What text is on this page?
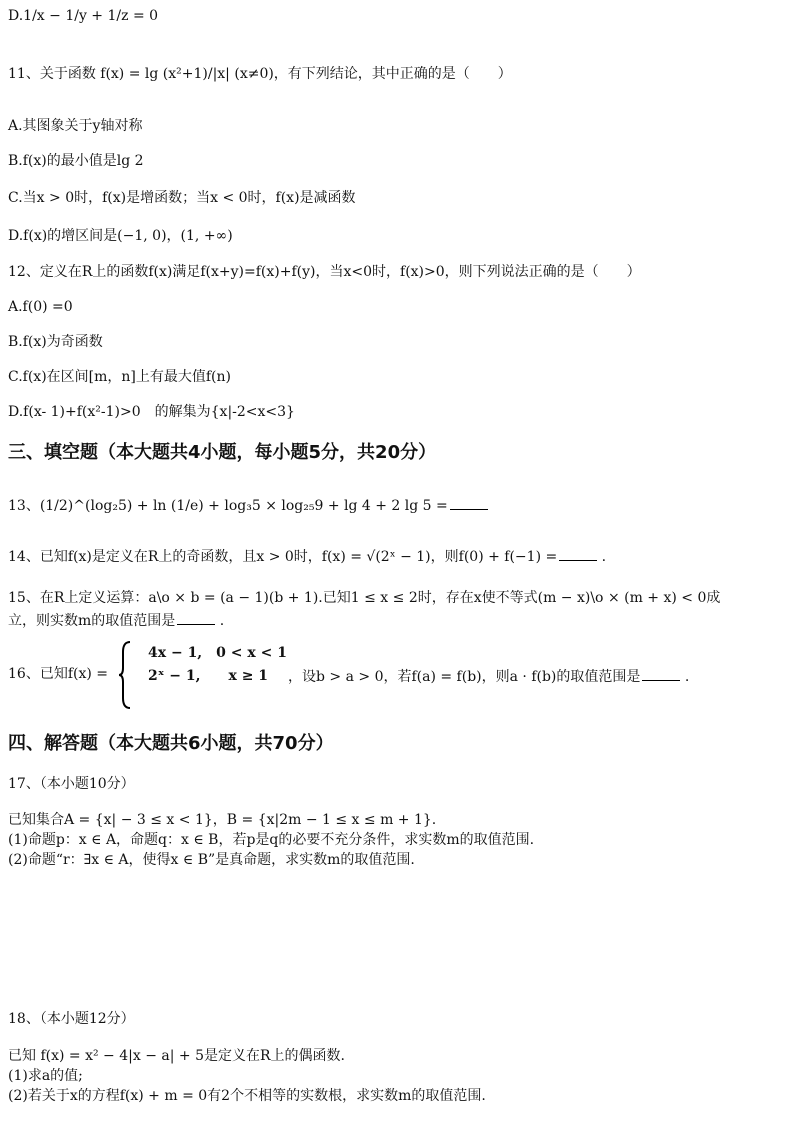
D.1/x − 1/y + 1/z = 0
11、关于函数 f(x) = lg (x²+1)/|x| (x≠0)，有下列结论，其中正确的是（　　）
A.其图象关于y轴对称
B.f(x)的最小值是lg 2
C.当x > 0时，f(x)是增函数；当x < 0时，f(x)是减函数
D.f(x)的增区间是(−1, 0)，(1, +∞)
12、定义在R上的函数f(x)满足f(x+y)=f(x)+f(y)，当x<0时，f(x)>0，则下列说法正确的是（　　）
A.f(0) =0
B.f(x)为奇函数
C.f(x)在区间[m，n]上有最大值f(n)
D.f(x- 1)+f(x²-1)>0　的解集为{x|-2<x<3}
三、填空题（本大题共4小题，每小题5分，共20分）
13、(1/2)^(log₂5) + ln (1/e) + log₃5 × log₂₅9 + lg 4 + 2 lg 5 =
14、已知f(x)是定义在R上的奇函数，且x > 0时，f(x) = √(2ˣ − 1)，则f(0) + f(−1) =	.
15、在R上定义运算：a\o × b = (a − 1)(b + 1).已知1 ≤ x ≤ 2时，存在x使不等式(m − x)\o × (m + x) < 0成
立，则实数m的取值范围是	.
16、已知f(x) =
4x − 1,　0 < x < 1
2ˣ − 1,　　x ≥ 1 ，设b > a > 0，若f(a) = f(b)，则a · f(b)的取值范围是	.
四、解答题（本大题共6小题，共70分）
17、（本小题10分）
已知集合A = {x| − 3 ≤ x < 1}，B = {x|2m − 1 ≤ x ≤ m + 1}.
(1)命题p：x ∈ A，命题q：x ∈ B，若p是q的必要不充分条件，求实数m的取值范围.
(2)命题“r：∃x ∈ A，使得x ∈ B”是真命题，求实数m的取值范围.
18、（本小题12分）
已知 f(x) = x² − 4|x − a| + 5是定义在R上的偶函数.
(1)求a的值;
(2)若关于x的方程f(x) + m = 0有2个不相等的实数根，求实数m的取值范围.
